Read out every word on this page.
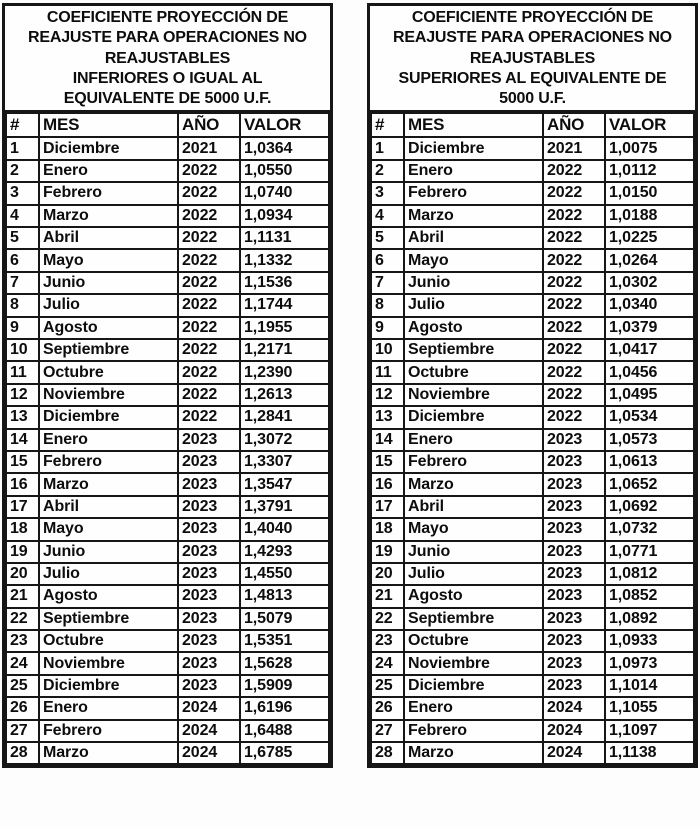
COEFICIENTE PROYECCIÓN DE
REAJUSTE PARA OPERACIONES NO
REAJUSTABLES
INFERIORES O IGUAL AL
EQUIVALENTE DE 5000 U.F.
#	MES	AÑO	VALOR
1	Diciembre	2021	1,0364
2	Enero	2022	1,0550
3	Febrero	2022	1,0740
4	Marzo	2022	1,0934
5	Abril	2022	1,1131
6	Mayo	2022	1,1332
7	Junio	2022	1,1536
8	Julio	2022	1,1744
9	Agosto	2022	1,1955
10	Septiembre	2022	1,2171
11	Octubre	2022	1,2390
12	Noviembre	2022	1,2613
13	Diciembre	2022	1,2841
14	Enero	2023	1,3072
15	Febrero	2023	1,3307
16	Marzo	2023	1,3547
17	Abril	2023	1,3791
18	Mayo	2023	1,4040
19	Junio	2023	1,4293
20	Julio	2023	1,4550
21	Agosto	2023	1,4813
22	Septiembre	2023	1,5079
23	Octubre	2023	1,5351
24	Noviembre	2023	1,5628
25	Diciembre	2023	1,5909
26	Enero	2024	1,6196
27	Febrero	2024	1,6488
28	Marzo	2024	1,6785
COEFICIENTE PROYECCIÓN DE
REAJUSTE PARA OPERACIONES NO
REAJUSTABLES
SUPERIORES AL EQUIVALENTE DE
5000 U.F.
#	MES	AÑO	VALOR
1	Diciembre	2021	1,0075
2	Enero	2022	1,0112
3	Febrero	2022	1,0150
4	Marzo	2022	1,0188
5	Abril	2022	1,0225
6	Mayo	2022	1,0264
7	Junio	2022	1,0302
8	Julio	2022	1,0340
9	Agosto	2022	1,0379
10	Septiembre	2022	1,0417
11	Octubre	2022	1,0456
12	Noviembre	2022	1,0495
13	Diciembre	2022	1,0534
14	Enero	2023	1,0573
15	Febrero	2023	1,0613
16	Marzo	2023	1,0652
17	Abril	2023	1,0692
18	Mayo	2023	1,0732
19	Junio	2023	1,0771
20	Julio	2023	1,0812
21	Agosto	2023	1,0852
22	Septiembre	2023	1,0892
23	Octubre	2023	1,0933
24	Noviembre	2023	1,0973
25	Diciembre	2023	1,1014
26	Enero	2024	1,1055
27	Febrero	2024	1,1097
28	Marzo	2024	1,1138
